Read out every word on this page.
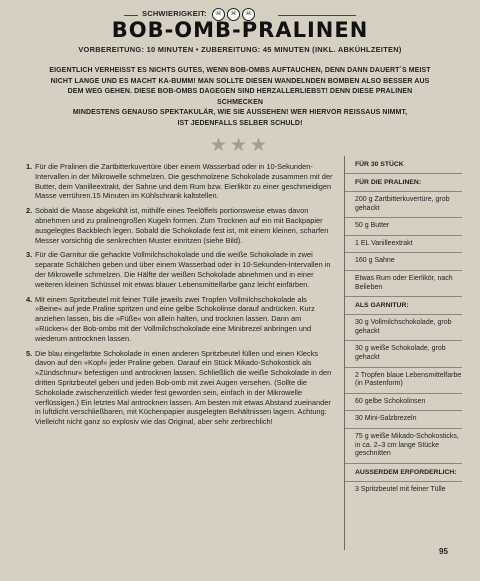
SCHWIERIGKEIT:	☠	☠	☠
BOB-OMB-PRALINEN
VORBEREITUNG: 10 MINUTEN • ZUBEREITUNG: 45 MINUTEN (INKL. ABKÜHLZEITEN)

EIGENTLICH VERHEISST ES NICHTS GUTES, WENN BOB-OMBS AUFTAUCHEN, DENN DANN DAUERT´S MEIST

NICHT LANGE UND ES MACHT KA-BUMM! MAN SOLLTE DIESEN WANDELNDEN BOMBEN ALSO BESSER AUS

DEM WEG GEHEN. DIESE BOB-OMBS DAGEGEN SIND HERZALLERLIEBST! DENN DIESE PRALINEN SCHMECKEN

MINDESTENS GENAUSO SPEKTAKULÄR, WIE SIE AUSSEHEN! WER HIERVOR REISSAUS NIMMT,

IST JEDENFALLS SELBER SCHULD!

★★★
1. Für die Pralinen die Zartbitterkuvertüre über einem Wasserbad oder in 10-Sekunden-Intervallen in der Mikrowelle schmelzen. Die geschmolzene Schokolade zusammen mit der Butter, dem Vanilleextrakt, der Sahne und dem Rum bzw. Eierlikör zu einer geschmeidigen Masse verrühren.15 Minuten im Kühlschrank kaltstellen.
2. Sobald die Masse abgekühlt ist, mithilfe eines Teelöffels portionsweise etwas davon abnehmen und zu pralinengroßen Kugeln formen. Zum Trocknen auf ein mit Backpapier ausgelegtes Backblech legen. Sobald die Schokolade fest ist, mit einem kleinen, scharfen Messer vorsichtig die senkrechten Muster einritzen (siehe Bild).
3. Für die Garnitur die gehackte Vollmilchschokolade und die weiße Schokolade in zwei separate Schälchen geben und über einem Wasserbad oder in 10-Sekunden-Intervallen in der Mikrowelle schmelzen. Die Hälfte der weißen Schokolade abnehmen und in einer weiteren kleinen Schüssel mit etwas blauer Lebensmittelfarbe ganz leicht einfärben.
4. Mit einem Spritzbeutel mit feiner Tülle jeweils zwei Tropfen Vollmilchschokolade als »Beine« auf jede Praline spritzen und eine gelbe Schokolinse darauf andrücken. Kurz anziehen lassen, bis die »Füße« von allein halten, und trocknen lassen. Dann am »Rücken« der Bob-ombs mit der Vollmilchschokolade eine Minibrezel anbringen und wiederum antrocknen lassen.
5. Die blau eingefärbte Schokolade in einen anderen Spritzbeutel füllen und einen Klecks davon auf den »Kopf« jeder Praline geben. Darauf ein Stück Mikado-Schokostick als »Zündschnur« befestigen und antrocknen lassen. Schließlich die weiße Schokolade in den dritten Spritzbeutel geben und jeden Bob-omb mit zwei Augen versehen. (Sollte die Schokolade zwischenzeitlich wieder fest geworden sein, einfach in der Mikrowelle verflüssigen.) Ein letztes Mal antrocknen lassen. Am besten mit etwas Abstand zueinander in luftdicht verschließbaren, mit Küchenpapier ausgelegten Behältnissen lagern. Achtung: Vielleicht nicht ganz so explosiv wie das Original, aber sehr zerbrechlich!
FÜR 30 STÜCK
FÜR DIE PRALINEN:
200 g Zartbitterkuvertüre, grob gehackt
50 g Butter
1 EL Vanilleextrakt
160 g Sahne
Etwas Rum oder Eierlikör, nach Belieben
ALS GARNITUR:
30 g Vollmilchschokolade, grob gehackt
30 g weiße Schokolade, grob gehackt
2 Tropfen blaue Lebensmittelfarbe (in Pastenform)
60 gelbe Schokolinsen
30 Mini-Salzbrezeln
75 g weiße Mikado-Schokosticks, in ca. 2–3 cm lange Stücke geschnitten
AUSSERDEM ERFORDERLICH:
3 Spritzbeutel mit feiner Tülle
95
